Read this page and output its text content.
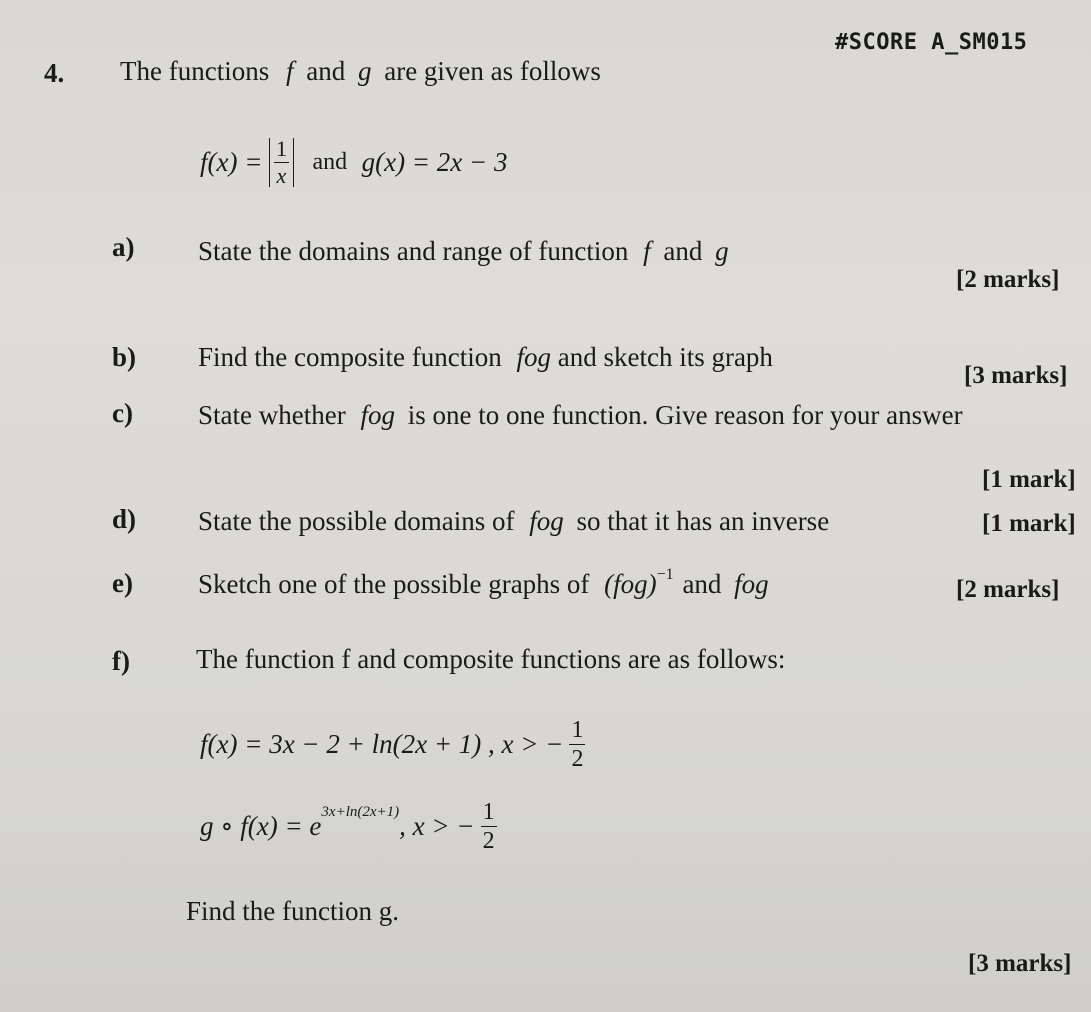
#SCORE A_SM015
4. The functions f and g are given as follows
$f(x) = \frac{1}{x}$ and g(x) = 2x − 3
a) State the domains and range of function f and g
[2 marks]
b) Find the composite function fog and sketch its graph
[3 marks]
c) State whether fog is one to one function. Give reason for your answer
[1 mark]
d) State the possible domains of fog so that it has an inverse	[1 mark]
e) Sketch one of the possible graphs of (fog)$^{-1}$ and fog	[2 marks]
f) The function f and composite functions are as follows:
f(x) = 3x − 2 + ln(2x + 1) , x > − $\frac{1}{2}$
g ∘ $f(x) = e^{3x+ln(2x+1)}$, x > − $\frac{1}{2}$
Find the function g.
[3 marks]
